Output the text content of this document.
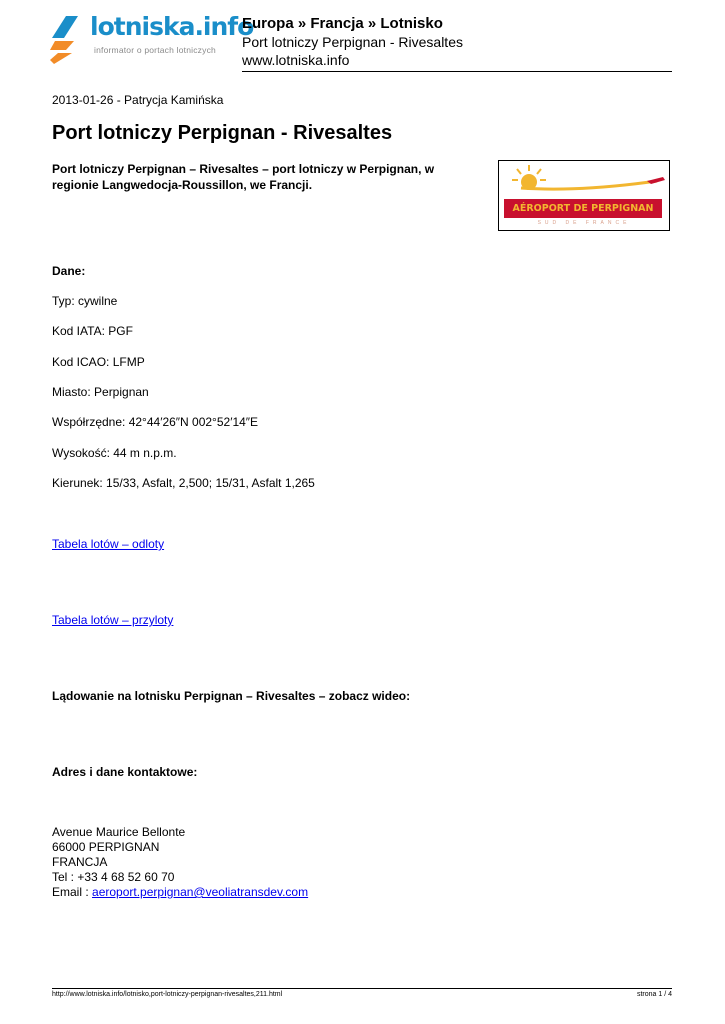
lotniska.info
informator o portach lotniczych
Europa » Francja » Lotnisko
Port lotniczy Perpignan - Rivesaltes
www.lotniska.info
2013-01-26 - Patrycja Kamińska
Port lotniczy Perpignan - Rivesaltes

Port lotniczy Perpignan – Rivesaltes – port lotniczy w Perpignan, w regionie Langwedocja-Roussillon, we Francji.

AÉROPORT DE PERPIGNAN
SUD DE FRANCE
Dane:
Typ: cywilne
Kod IATA: PGF
Kod ICAO: LFMP
Miasto: Perpignan
Współrzędne: 42°44′26″N 002°52′14″E
Wysokość: 44 m n.p.m.
Kierunek: 15/33, Asfalt, 2,500; 15/31, Asfalt 1,265
Tabela lotów – odloty
Tabela lotów – przyloty
Lądowanie na lotnisku Perpignan – Rivesaltes – zobacz wideo:
Adres i dane kontaktowe:
Avenue Maurice Bellonte
66000 PERPIGNAN
FRANCJA
Tel : +33 4 68 52 60 70
Email : aeroport.perpignan@veoliatransdev.com
http://www.lotniska.info/lotnisko,port-lotniczy-perpignan-rivesaltes,211.html	strona 1 / 4
